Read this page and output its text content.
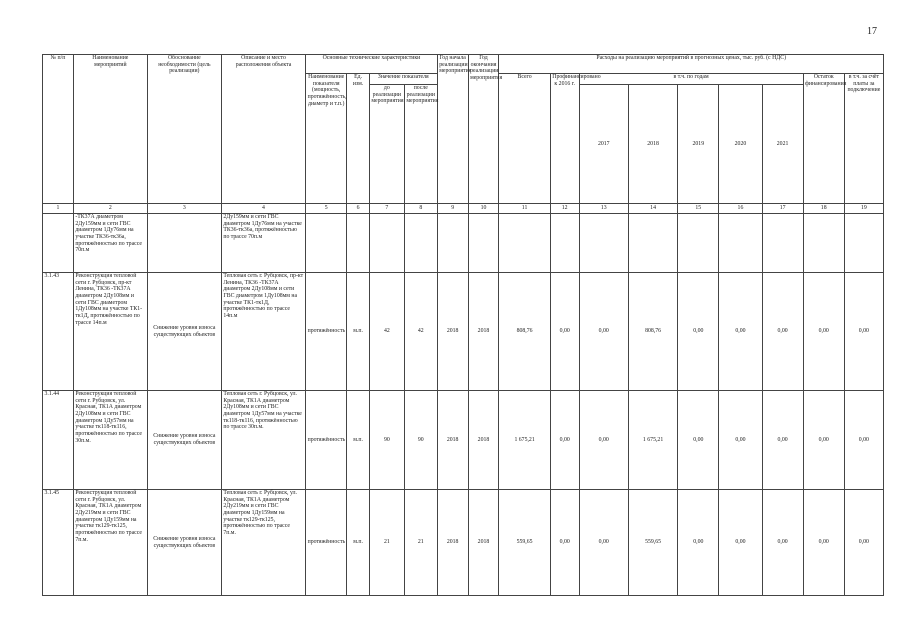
17
№ п/п	Наименование мероприятий	Обоснование необходимости (цель реализации)	Описание и место расположения объекта	Основные технические характеристики				Год начала реализации мероприятия	Год окончания реализации мероприятия	Расходы на реализацию мероприятий в прогнозных ценах, тыс. руб. (с НДС)								
				Наименование показателя (мощность, протяжённость, диаметр и т.п.)	Ед. изм.	Значение показателя				Всего	Профинансировано к 2016 г.	в т.ч. по годам					Остаток финансирования	в т.ч. за счёт платы за подключение
						до реализации мероприятия	после реализации мероприятия					2017	2018	2019	2020	2021		
1	2	3	4	5	6	7	8	9	10	11	12	13	14	15	16	17	18	19
	-ТК37А диаметром 2Ду159мм и сети ГВС диаметром 1Ду76мм на участке ТК36-тк36а, протяжённостью по трассе 70п.м		2Ду159мм и сети ГВС диаметром 1Ду76мм на участке ТК36-тк36а, протяжённостью по трассе 70п.м															
3.1.43	Реконструкция тепловой сети г. Рубцовск, пр-кт Ленина, ТК36 -ТК37А диаметром 2Ду108мм и сети ГВС диаметром 1Ду108мм на участке ТК1-тк1Д, протяжённостью по трассе 14п.м	Снижение уровня износа существующих объектов	Тепловая сеть г. Рубцовск, пр-кт Ленина, ТК36 -ТК37А диаметром 2Ду108мм и сети ГВС диаметром 1Ду108мм на участке ТК1-тк1Д, протяжённостью по трассе 14п.м	протяжённость	м.п.	42	42	2018	2018	808,76	0,00	0,00	808,76	0,00	0,00	0,00	0,00	0,00
3.1.44	Реконструкция тепловой сети г. Рубцовск, ул. Красная, ТК1А диаметром 2Ду108мм и сети ГВС диаметром 1Ду57мм на участке тк118-тк116, протяжённостью по трассе 30п.м.	Снижение уровня износа существующих объектов	Тепловая сеть г. Рубцовск, ул. Красная, ТК1А диаметром 2Ду108мм и сети ГВС диаметром 1Ду57мм на участке тк118-тк116, протяжённостью по трассе 30п.м.	протяжённость	м.п.	90	90	2018	2018	1 675,21	0,00	0,00	1 675,21	0,00	0,00	0,00	0,00	0,00
3.1.45	Реконструкция тепловой сети г. Рубцовск, ул. Красная, ТК1А диаметром 2Ду219мм и сети ГВС диаметром 1Ду159мм на участке тк129-тк125, протяжённостью по трассе 7п.м.	Снижение уровня износа существующих объектов	Тепловая сеть г. Рубцовск, ул. Красная, ТК1А диаметром 2Ду219мм и сети ГВС диаметром 1Ду159мм на участке тк129-тк125, протяжённостью по трассе 7п.м.	протяжённость	м.п.	21	21	2018	2018	559,65	0,00	0,00	559,65	0,00	0,00	0,00	0,00	0,00
